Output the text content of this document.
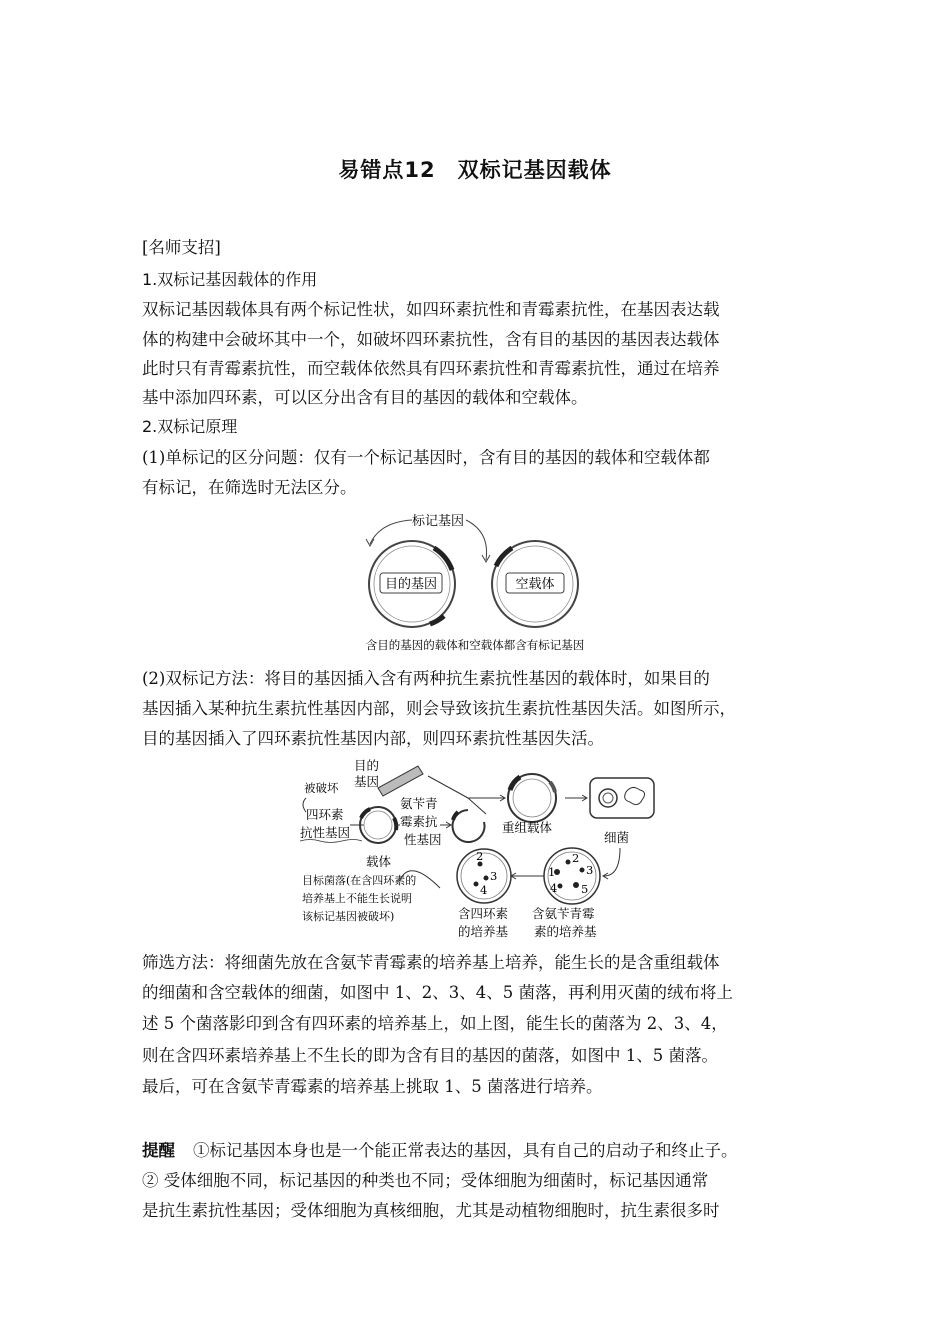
易错点12　双标记基因载体

[名师支招]

1.双标记基因载体的作用

双标记基因载体具有两个标记性状，如四环素抗性和青霉素抗性，在基因表达载

体的构建中会破坏其中一个，如破坏四环素抗性，含有目的基因的基因表达载体

此时只有青霉素抗性，而空载体依然具有四环素抗性和青霉素抗性，通过在培养

基中添加四环素，可以区分出含有目的基因的载体和空载体。

2.双标记原理

(1)单标记的区分问题：仅有一个标记基因时，含有目的基因的载体和空载体都

有标记，在筛选时无法区分。

标记基因
目的基因	空载体
含目的基因的载体和空载体都含有标记基因

(2)双标记方法：将目的基因插入含有两种抗生素抗性基因的载体时，如果目的

基因插入某种抗生素抗性基因内部，则会导致该抗生素抗性基因失活。如图所示，

目的基因插入了四环素抗性基因内部，则四环素抗性基因失活。

目的
基因
被破坏
四环素
抗性基因
氨苄青
霉素抗
性基因
载体
重组载体
细菌
1
2
3
4 5
2
4
3
目标菌落(在含四环素的
培养基上不能生长说明
该标记基因被破坏)	含四环素
的培养基
含氨苄青霉
素的培养基

筛选方法：将细菌先放在含氨苄青霉素的培养基上培养，能生长的是含重组载体

的细菌和含空载体的细菌，如图中 1、2、3、4、5 菌落，再利用灭菌的绒布将上

述 5 个菌落影印到含有四环素的培养基上，如上图，能生长的菌落为 2、3、4，

则在含四环素培养基上不生长的即为含有目的基因的菌落，如图中 1、5 菌落。

最后，可在含氨苄青霉素的培养基上挑取 1、5 菌落进行培养。

提醒 ①标记基因本身也是一个能正常表达的基因，具有自己的启动子和终止子。

② 受体细胞不同，标记基因的种类也不同；受体细胞为细菌时，标记基因通常

是抗生素抗性基因；受体细胞为真核细胞，尤其是动植物细胞时，抗生素很多时
